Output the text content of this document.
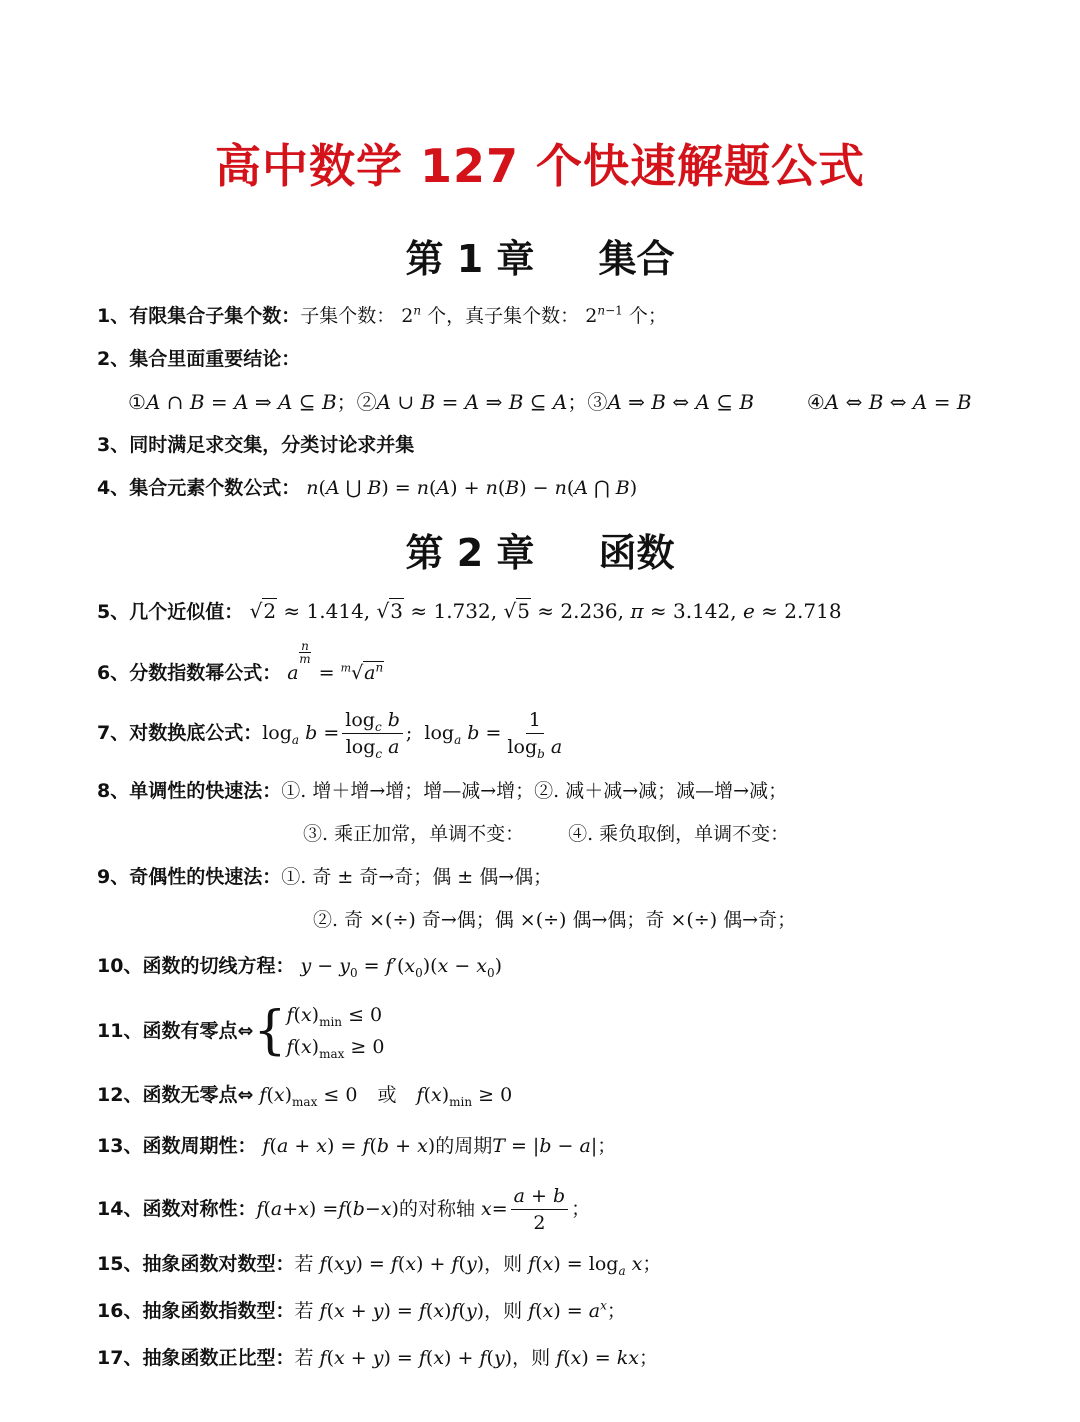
高中数学 127 个快速解题公式
第 1 章 集合
1、有限集合子集个数：子集个数： 2$^n$ 个，真子集个数： $2^{n-1}$ 个；
2、集合里面重要结论：
①A ∩ B = A ⇒ A ⊆ B；②A ∪ B = A ⇒ B ⊆ A；③A ⇒ B ⇔ A ⊆ B	④A ⇔ B ⇔ A = B
3、同时满足求交集，分类讨论求并集
4、集合元素个数公式： n(A ⋃ B) = n(A) + n(B) − n(A ⋂ B)
第 2 章 函数
5、几个近似值： √2 ≈ 1.414, √3 ≈ 1.732, √5 ≈ 2.236, π ≈ 3.142, e ≈ 2.718
6、分数指数幂公式： a
n
m
= $^m√a^n$
7、对数换底公式： $\log_a b = \frac{\log_c b}{\log_c a}$ ;  $\log_a b = \frac{1}{\log_b a}$
8、单调性的快速法：①. 增＋增→增；增—减→增；②. 减＋减→减；减—增→减；
③. 乘正加常，单调不变： ④. 乘负取倒，单调不变：
9、奇偶性的快速法：①. 奇 ± 奇→奇；偶 ± 偶→偶；
②. 奇 ×(÷) 奇→偶；偶 ×(÷) 偶→偶；奇 ×(÷) 偶→奇；
10、函数的切线方程： $y - y_0 = f'(x_0)(x - x_0)$
11、函数有零点⇔ { $f(x)_{min} \le 0$
$f(x)_{max} \ge 0$
12、函数无零点⇔ $f(x)_{max} \le 0$ 或 $f(x)_{min} \ge 0$
13、函数周期性： f(a + x) = f(b + x)的周期T = |b − a|；
14、函数对称性： f ( a + x ) = f ( b − x ) 的对称轴 $x = \frac{a + b}{2}$ ；
15、抽象函数对数型：若 f(xy) = f(x) + f(y)，则 $f(x) = \log_a x$；
16、抽象函数指数型：若 f(x + y) = f(x)f(y)，则 $f(x) = a^x$；
17、抽象函数正比型：若 f(x + y) = f(x) + f(y)，则 f(x) = kx；
